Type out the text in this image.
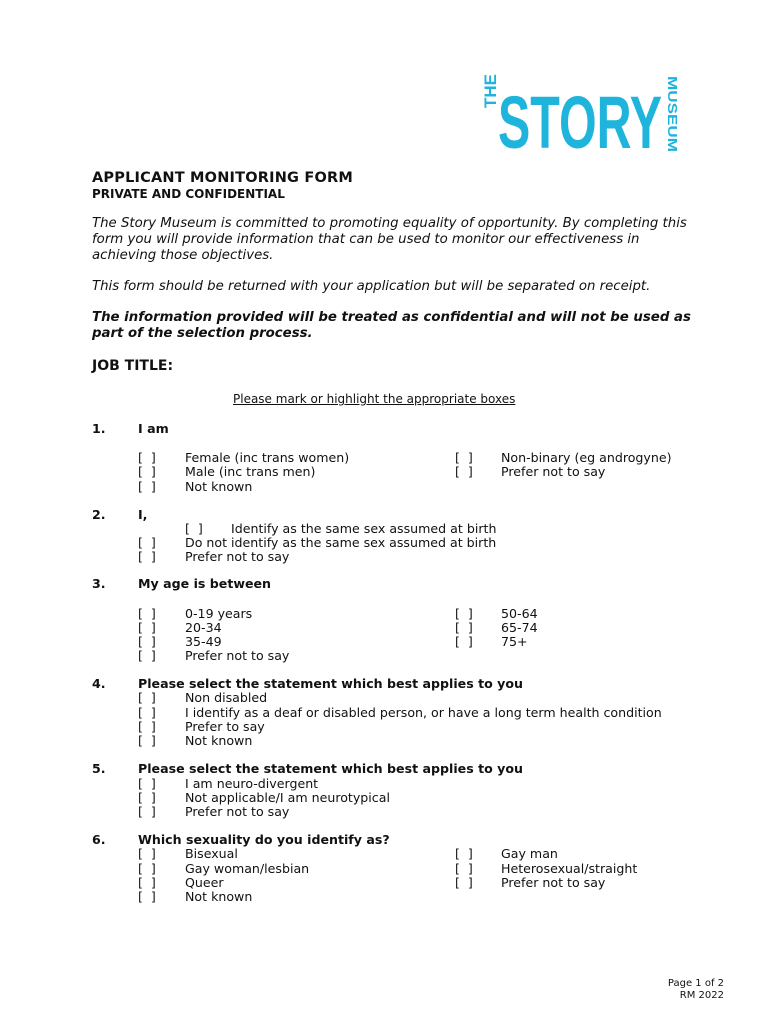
THE
STORY MUSEUM
APPLICANT MONITORING FORM
PRIVATE AND CONFIDENTIAL
The Story Museum is committed to promoting equality of opportunity. By completing this form you will provide information that can be used to monitor our effectiveness in achieving those objectives.
This form should be returned with your application but will be separated on receipt.
The information provided will be treated as confidential and will not be used as part of the selection process.
JOB TITLE:
Please mark or highlight the appropriate boxes
1.	I am
[  ] Female (inc trans women)
[  ] Male (inc trans men)
[  ] Not known
[  ] Non-binary (eg androgyne)
[  ] Prefer not to say
2.	I,
[  ] Identify as the same sex assumed at birth
[  ] Do not identify as the same sex assumed at birth
[  ] Prefer not to say
3.	My age is between
[  ] 0-19 years
[  ] 20-34
[  ] 35-49
[  ] Prefer not to say
[  ] 50-64
[  ] 65-74
[  ] 75+
4.	Please select the statement which best applies to you
[  ] Non disabled
[  ] I identify as a deaf or disabled person, or have a long term health condition
[  ] Prefer to say
[  ] Not known
5.	Please select the statement which best applies to you
[  ] I am neuro-divergent
[  ] Not applicable/I am neurotypical
[  ] Prefer not to say
6.	Which sexuality do you identify as?
[  ] Bisexual
[  ] Gay woman/lesbian
[  ] Queer
[  ] Not known
[  ] Gay man
[  ] Heterosexual/straight
[  ] Prefer not to say
Page 1 of 2
RM 2022
